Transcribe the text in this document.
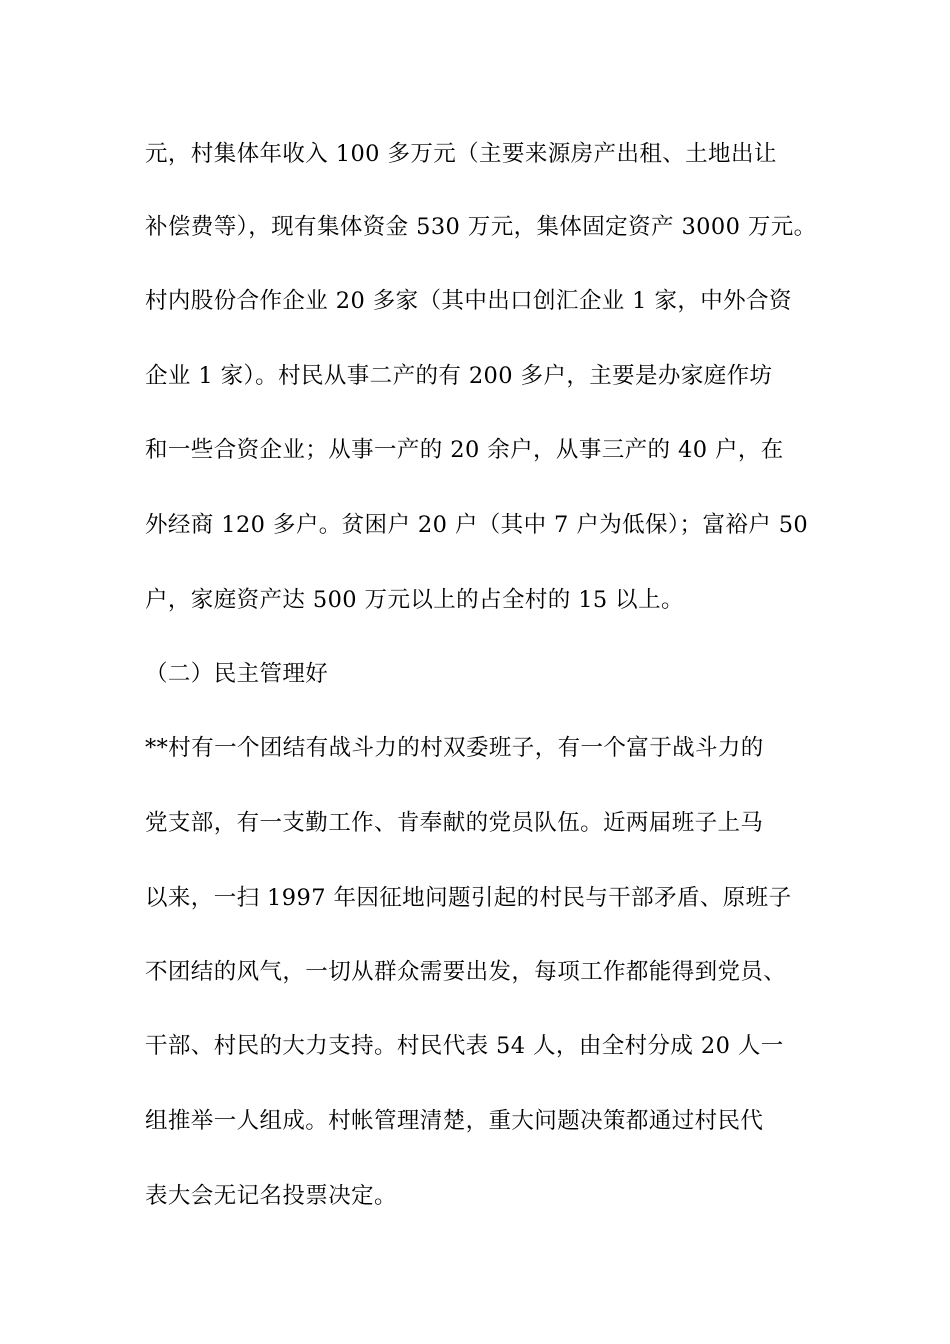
元，村集体年收入 100 多万元（主要来源房产出租、土地出让
补偿费等），现有集体资金 530 万元，集体固定资产 3000 万元。
村内股份合作企业 20 多家（其中出口创汇企业 1 家，中外合资
企业 1 家）。村民从事二产的有 200 多户，主要是办家庭作坊
和一些合资企业；从事一产的 20 余户，从事三产的 40 户，在
外经商 120 多户。贫困户 20 户（其中 7 户为低保）；富裕户 50
户，家庭资产达 500 万元以上的占全村的 15 以上。
（二）民主管理好
**村有一个团结有战斗力的村双委班子，有一个富于战斗力的
党支部，有一支勤工作、肯奉献的党员队伍。近两届班子上马
以来，一扫 1997 年因征地问题引起的村民与干部矛盾、原班子
不团结的风气，一切从群众需要出发，每项工作都能得到党员、
干部、村民的大力支持。村民代表 54 人，由全村分成 20 人一
组推举一人组成。村帐管理清楚，重大问题决策都通过村民代
表大会无记名投票决定。
